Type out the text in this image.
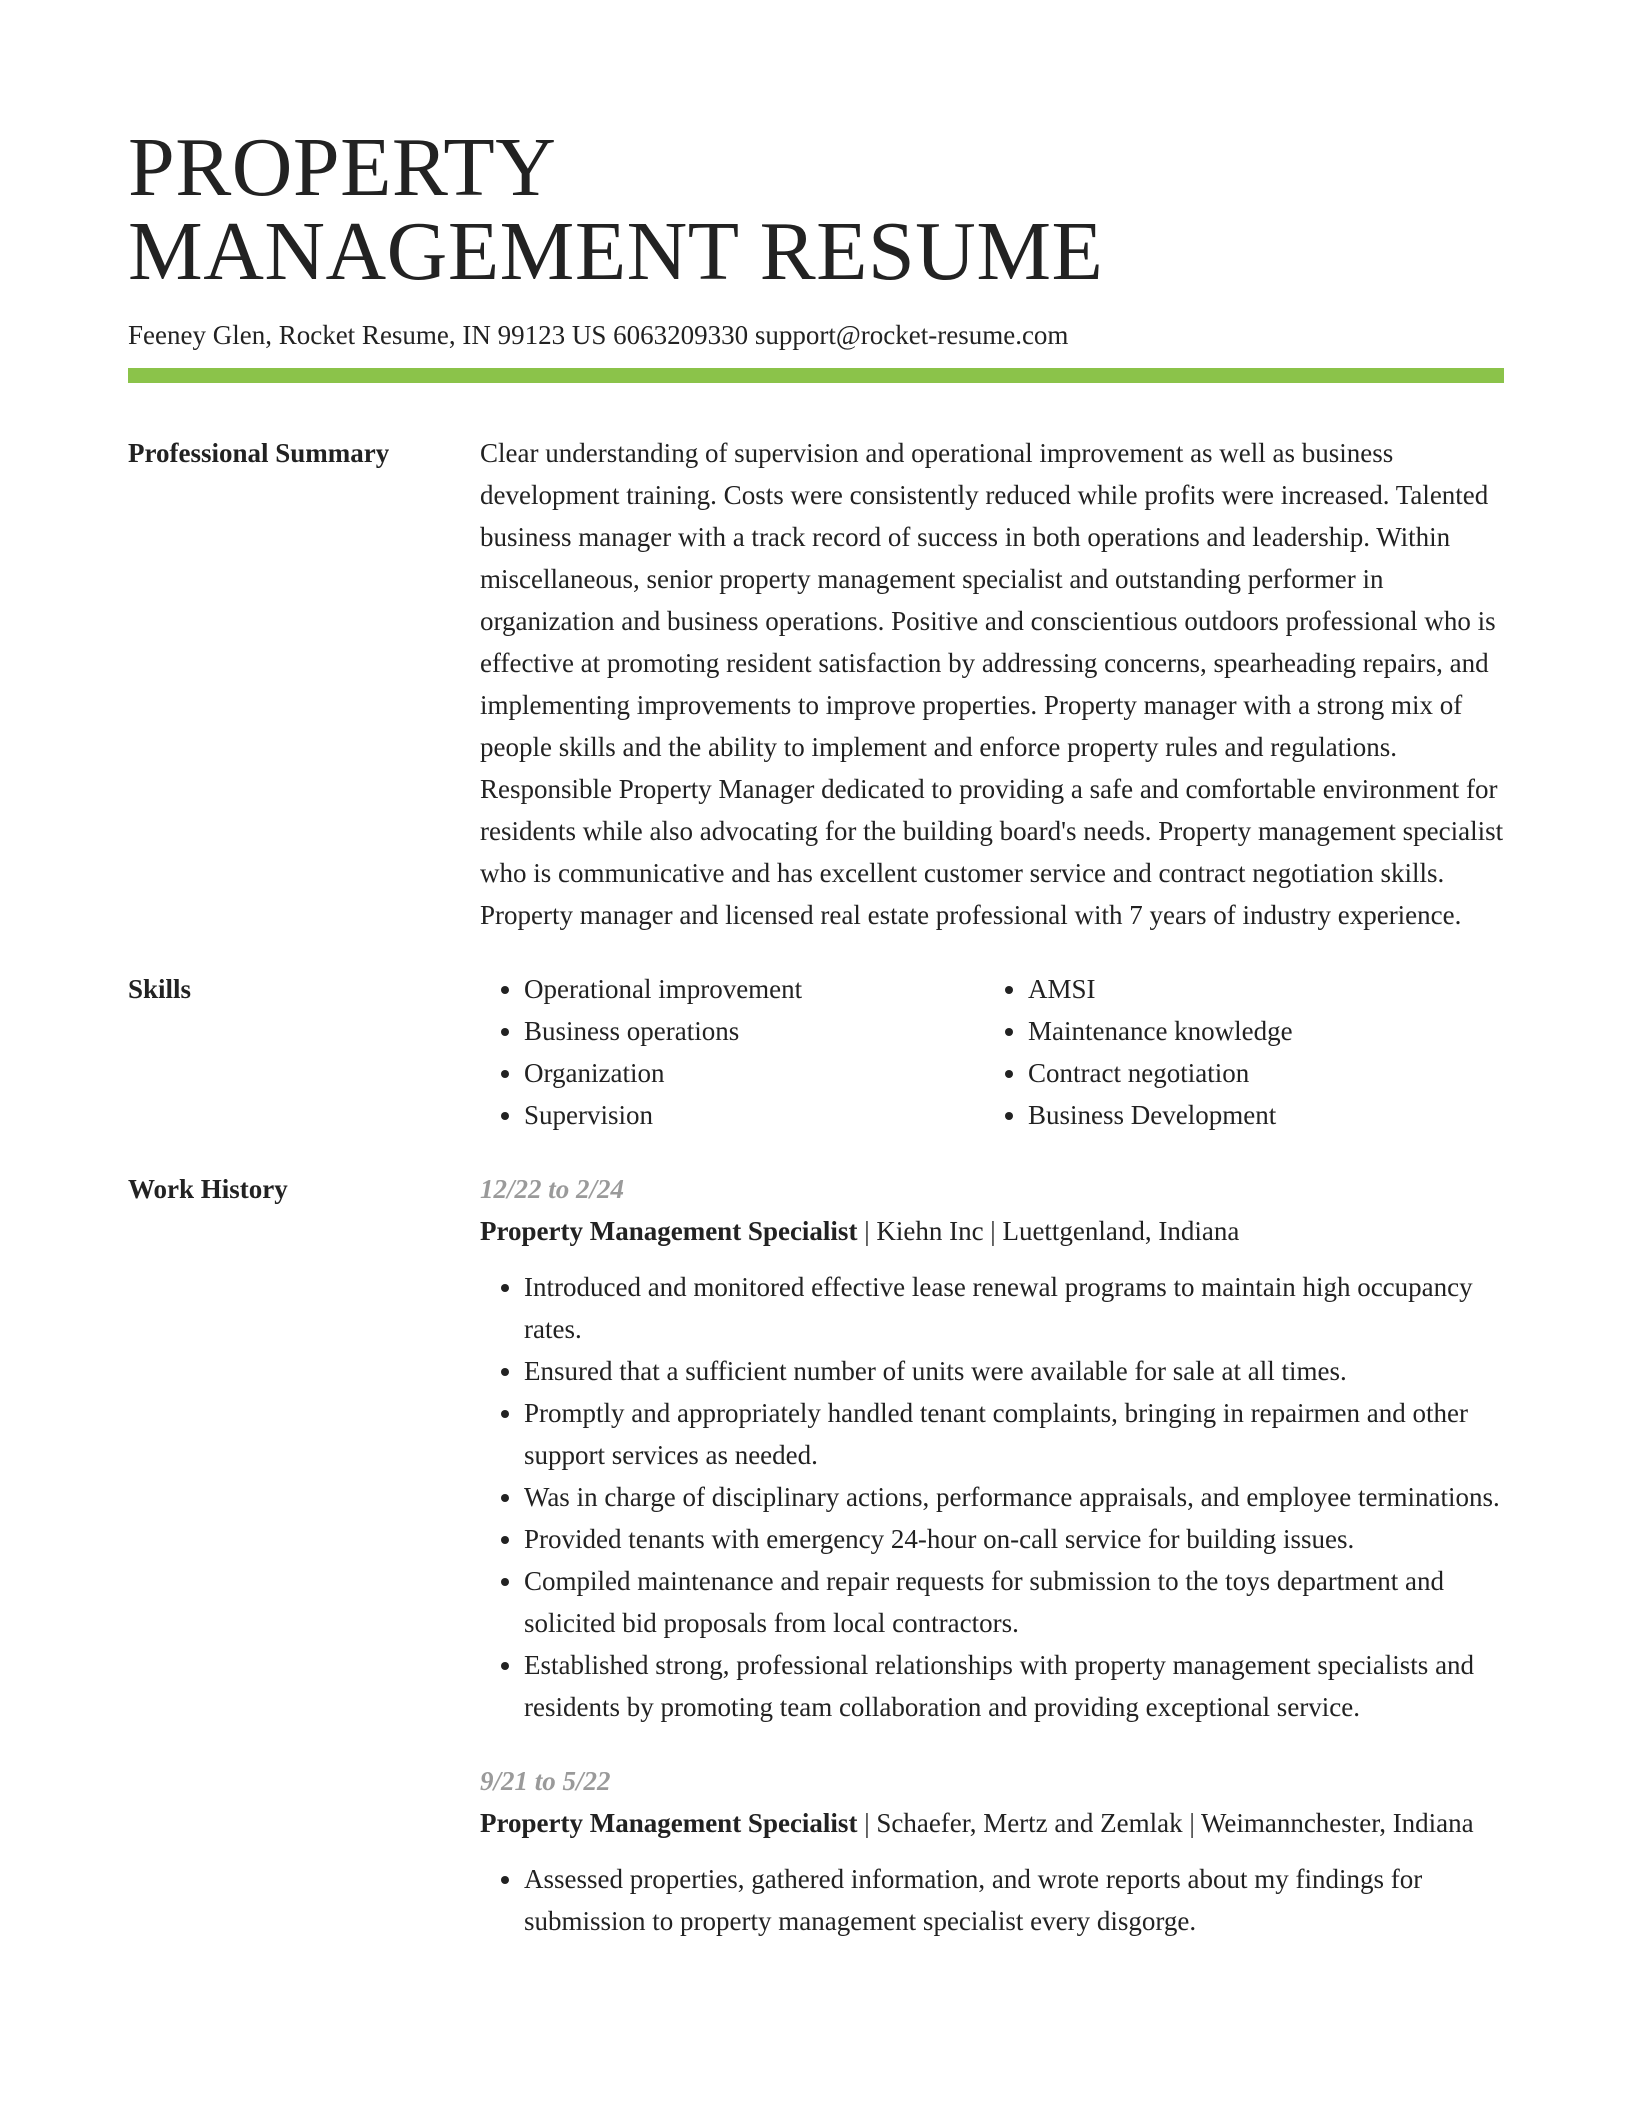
PROPERTY
MANAGEMENT RESUME
Feeney Glen, Rocket Resume, IN 99123 US 6063209330 support@rocket-resume.com
Professional Summary	Clear understanding of supervision and operational improvement as well as business development training. Costs were consistently reduced while profits were increased. Talented business manager with a track record of success in both operations and leadership. Within miscellaneous, senior property management specialist and outstanding performer in organization and business operations. Positive and conscientious outdoors professional who is effective at promoting resident satisfaction by addressing concerns, spearheading repairs, and implementing improvements to improve properties. Property manager with a strong mix of people skills and the ability to implement and enforce property rules and regulations. Responsible Property Manager dedicated to providing a safe and comfortable environment for residents while also advocating for the building board's needs. Property management specialist who is communicative and has excellent customer service and contract negotiation skills. Property manager and licensed real estate professional with 7 years of industry experience.

Skills
•	Operational improvement
• Business operations
• Organization
• Supervision
• AMSI
• Maintenance knowledge
• Contract negotiation
• Business Development
Work History	12/22 to 2/24
Property Management Specialist | Kiehn Inc | Luettgenland, Indiana
• Introduced and monitored effective lease renewal programs to maintain high occupancy rates.
• Ensured that a sufficient number of units were available for sale at all times.
• Promptly and appropriately handled tenant complaints, bringing in repairmen and other support services as needed.
• Was in charge of disciplinary actions, performance appraisals, and employee terminations.
• Provided tenants with emergency 24-hour on-call service for building issues.
• Compiled maintenance and repair requests for submission to the toys department and solicited bid proposals from local contractors.
• Established strong, professional relationships with property management specialists and residents by promoting team collaboration and providing exceptional service.
9/21 to 5/22
Property Management Specialist | Schaefer, Mertz and Zemlak | Weimannchester, Indiana
• Assessed properties, gathered information, and wrote reports about my findings for submission to property management specialist every disgorge.
